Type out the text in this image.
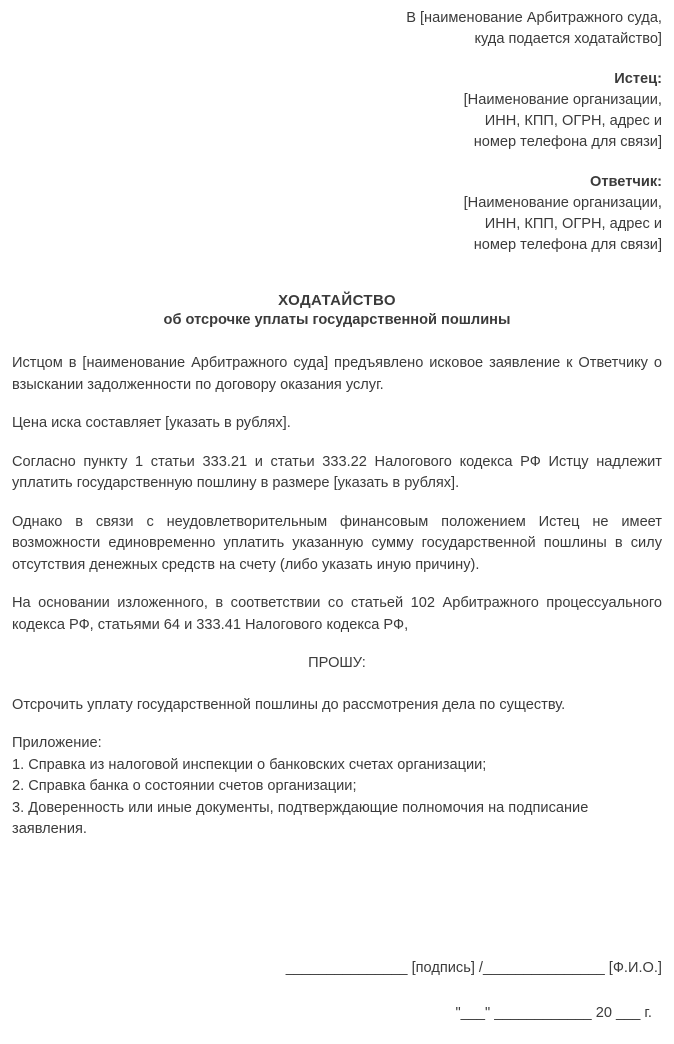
В [наименование Арбитражного суда,

куда подается ходатайство]

Истец:

[Наименование организации,

ИНН, КПП, ОГРН, адрес и

номер телефона для связи]

Ответчик:

[Наименование организации,

ИНН, КПП, ОГРН, адрес и

номер телефона для связи]

ХОДАТАЙСТВО

об отсрочке уплаты государственной пошлины

Истцом в [наименование Арбитражного суда] предъявлено исковое заявление к Ответчику о взыскании задолженности по договору оказания услуг.

Цена иска составляет [указать в рублях].

Согласно пункту 1 статьи 333.21 и статьи 333.22 Налогового кодекса РФ Истцу надлежит уплатить государственную пошлину в размере [указать в рублях].

Однако в связи с неудовлетворительным финансовым положением Истец не имеет возможности единовременно уплатить указанную сумму государственной пошлины в силу отсутствия денежных средств на счету (либо указать иную причину).

На основании изложенного, в соответствии со статьей 102 Арбитражного процессуального кодекса РФ, статьями 64 и 333.41 Налогового кодекса РФ,

ПРОШУ:

Отсрочить уплату государственной пошлины до рассмотрения дела по существу.

Приложение:

1. Справка из налоговой инспекции о банковских счетах организации;

2. Справка банка о состоянии счетов организации;

3. Доверенность или иные документы, подтверждающие полномочия на подписание заявления.

_______________ [подпись] /_______________ [Ф.И.О.]

"___" ____________ 20 ___ г.
